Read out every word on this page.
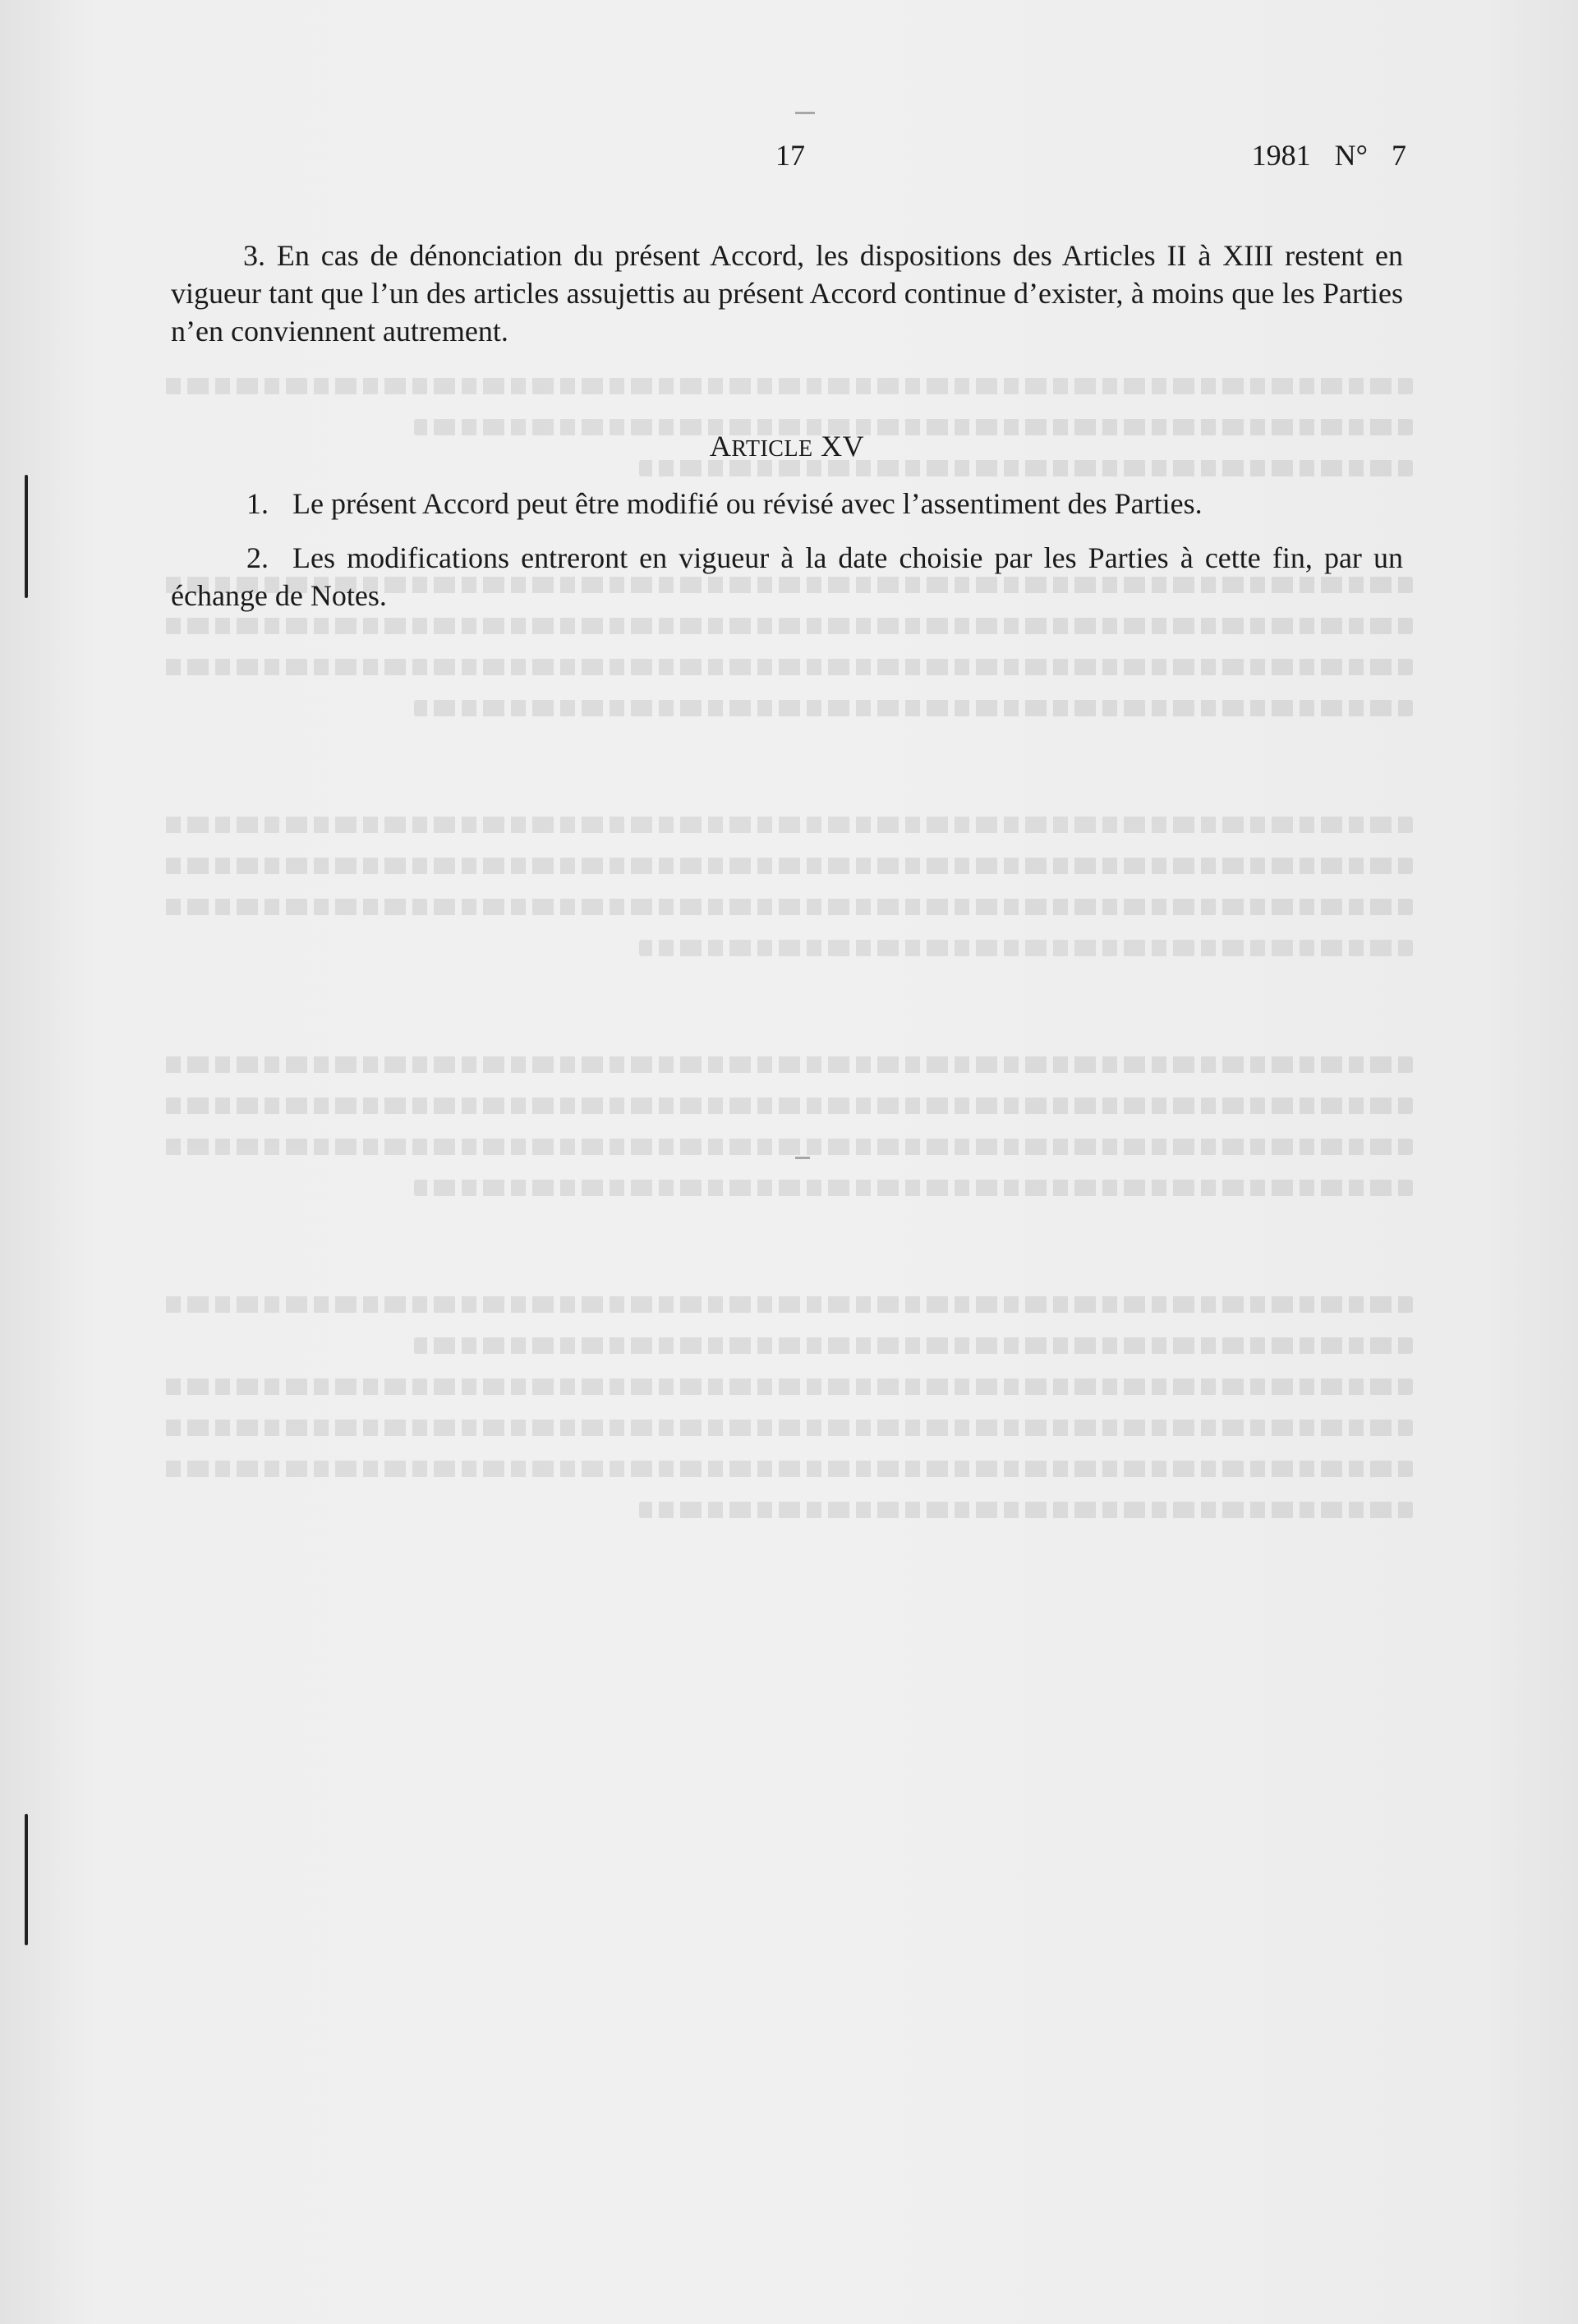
17	1981 N° 7

3. En cas de dénonciation du présent Accord, les dispositions des Articles II à XIII restent en vigueur tant que l’un des articles assujettis au présent Accord continue d’exister, à moins que les Parties n’en conviennent autrement.

ARTICLE XV
1. Le présent Accord peut être modifié ou révisé avec l’assentiment des Parties.
2. Les modifications entreront en vigueur à la date choisie par les Parties à cette fin, par un échange de Notes.
